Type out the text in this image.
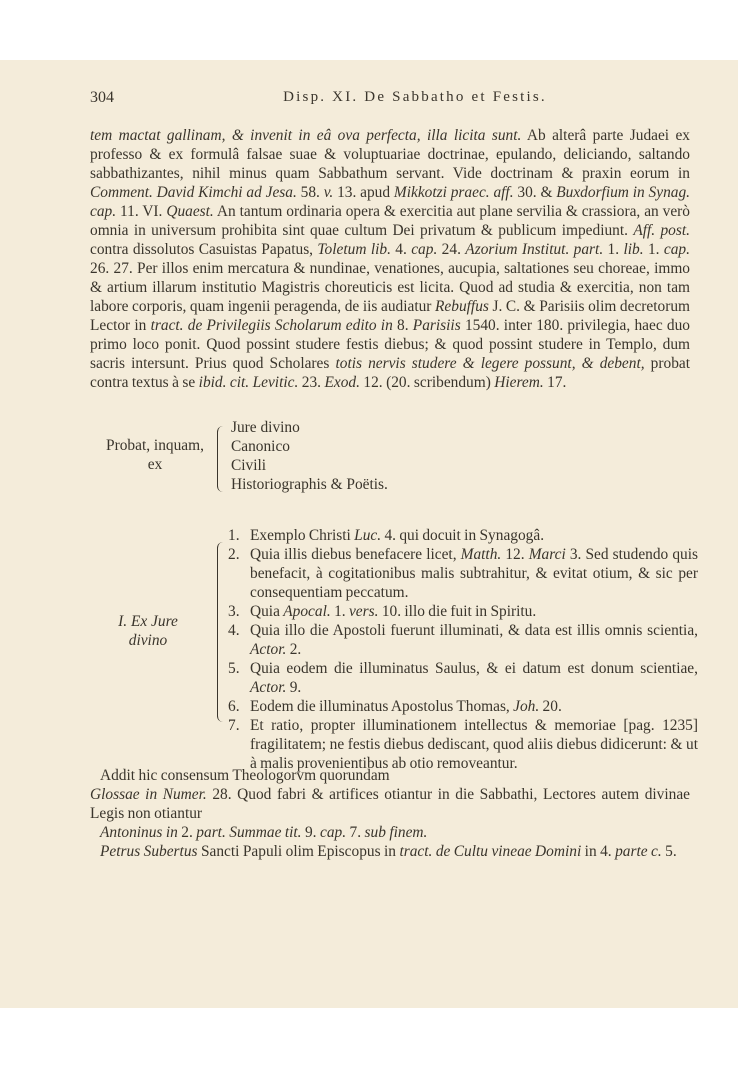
304	Disp. XI. De Sabbatho et Festis.
tem mactat gallinam, & invenit in eâ ova perfecta, illa licita sunt. Ab alterâ parte Judaei ex professo & ex formulâ falsae suae & voluptuariae doctrinae, epulando, deliciando, saltando sabbathizantes, nihil minus quam Sabbathum servant. Vide doctrinam & praxin eorum in Comment. David Kimchi ad Jesa. 58. v. 13. apud Mikkotzi praec. aff. 30. & Buxdorfium in Synag. cap. 11. VI. Quaest. An tantum ordinaria opera & exercitia aut plane servilia & crassiora, an verò omnia in universum prohibita sint quae cultum Dei privatum & publicum impediunt. Aff. post. contra dissolutos Casuistas Papatus, Toletum lib. 4. cap. 24. Azorium Institut. part. 1. lib. 1. cap. 26. 27. Per illos enim mercatura & nundinae, venationes, aucupia, saltationes seu choreae, immo & artium illarum institutio Magistris choreuticis est licita. Quod ad studia & exercitia, non tam labore corporis, quam ingenii peragenda, de iis audiatur Rebuffus J. C. & Parisiis olim decretorum Lector in tract. de Privilegiis Scholarum edito in 8. Parisiis 1540. inter 180. privilegia, haec duo primo loco ponit. Quod possint studere festis diebus; & quod possint studere in Templo, dum sacris intersunt. Prius quod Scholares totis nervis studere & legere possunt, & debent, probat contra textus à se ibid. cit. Levitic. 23. Exod. 12. (20. scribendum) Hierem. 17.
Probat, inquam,
ex
Jure divino
Canonico
Civili
Historiographis & Poëtis.
I. Ex Jure
divino
1. Exemplo Christi Luc. 4. qui docuit in Synagogâ.
2. Quia illis diebus benefacere licet, Matth. 12. Marci 3. Sed studendo quis benefacit, à cogitationibus malis subtrahitur, & evitat otium, & sic per consequentiam peccatum.
3. Quia Apocal. 1. vers. 10. illo die fuit in Spiritu.
4. Quia illo die Apostoli fuerunt illuminati, & data est illis omnis scientia, Actor. 2.
5. Quia eodem die illuminatus Saulus, & ei datum est donum scientiae, Actor. 9.
6. Eodem die illuminatus Apostolus Thomas, Joh. 20.
7. Et ratio, propter illuminationem intellectus & memoriae [pag. 1235] fragilitatem; ne festis diebus dediscant, quod aliis diebus didicerunt: & ut à malis provenientibus ab otio removeantur.

Addit hic consensum Theologorvm quorundam

Glossae in Numer. 28. Quod fabri & artifices otiantur in die Sabbathi, Lectores autem divinae Legis non otiantur

Antoninus in 2. part. Summae tit. 9. cap. 7. sub finem.

Petrus Subertus Sancti Papuli olim Episcopus in tract. de Cultu vineae Domini in 4. parte c. 5.
